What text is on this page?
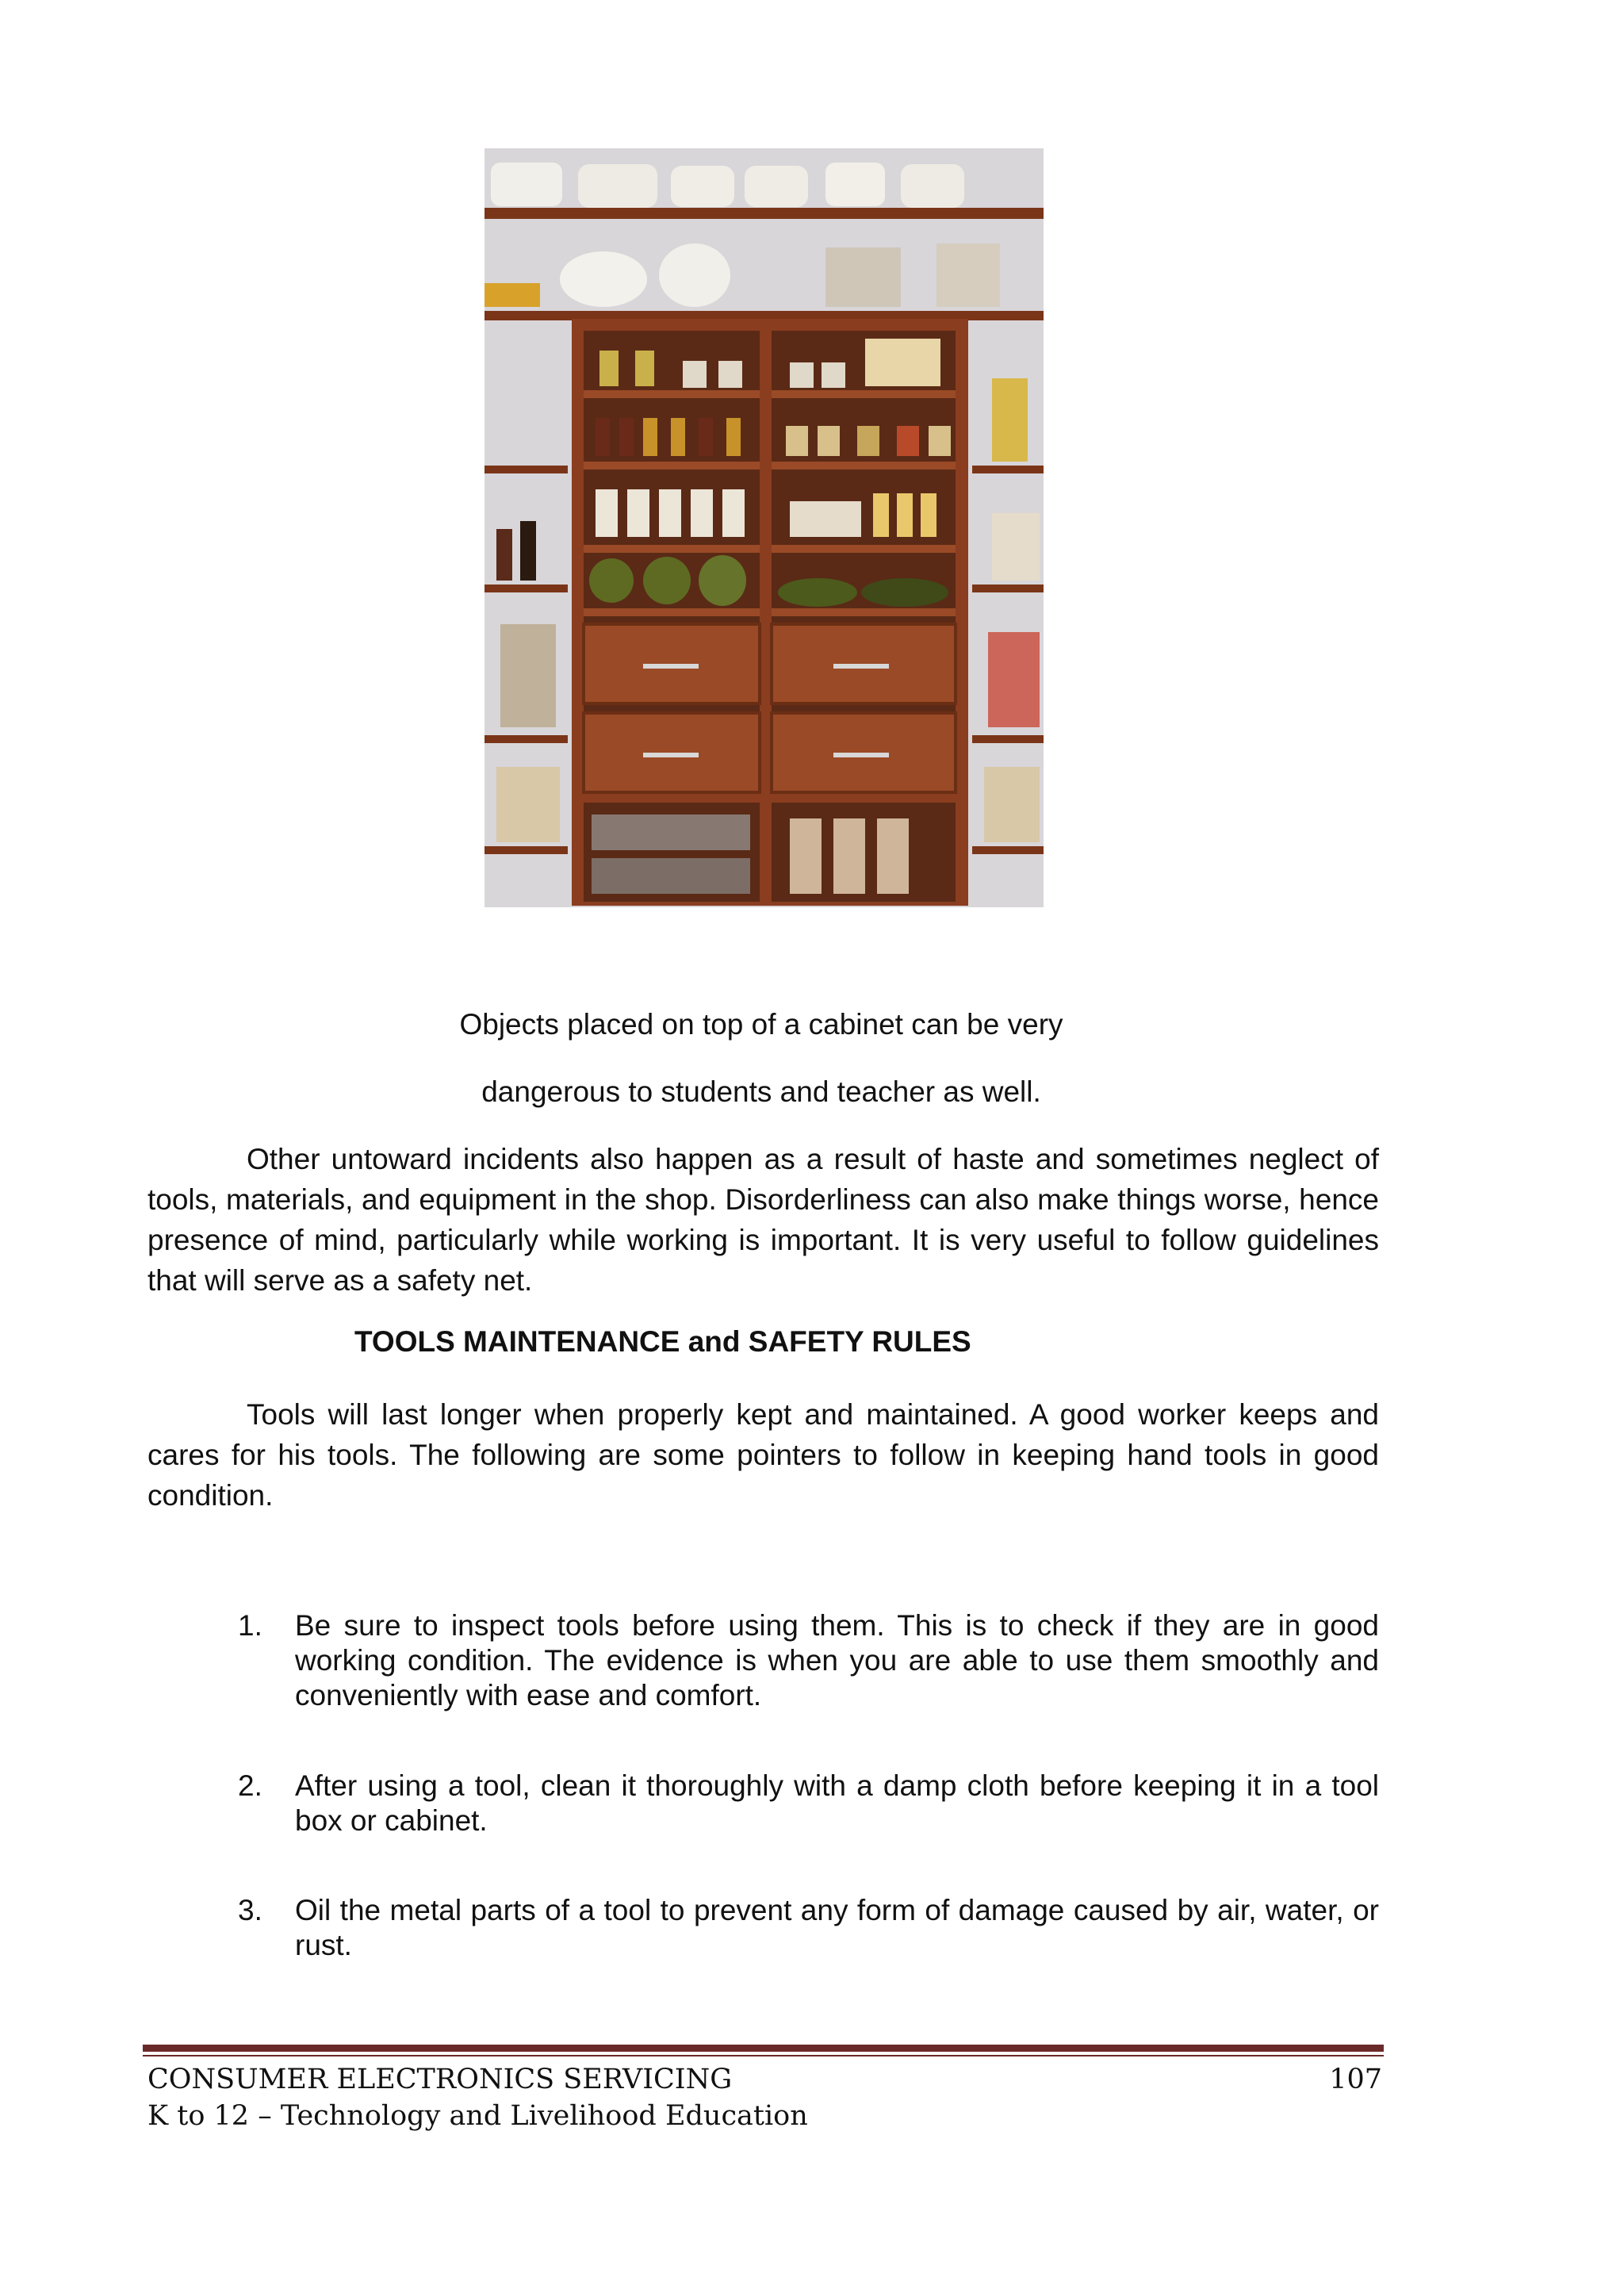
Objects placed on top of a cabinet can be very
dangerous to students and teacher as well.

Other untoward incidents also happen as a result of haste and sometimes neglect of tools, materials, and equipment in the shop. Disorderliness can also make things worse, hence presence of mind, particularly while working is important. It is very useful to follow guidelines that will serve as a safety net.

TOOLS MAINTENANCE and SAFETY RULES

Tools will last longer when properly kept and maintained. A good worker keeps and cares for his tools. The following are some pointers to follow in keeping hand tools in good condition.

1.	Be sure to inspect tools before using them. This is to check if they are in good working condition. The evidence is when you are able to use them smoothly and conveniently with ease and comfort.
2.	After using a tool, clean it thoroughly with a damp cloth before keeping it in a tool box or cabinet.
3.	Oil the metal parts of a tool to prevent any form of damage caused by air, water, or rust.
CONSUMER ELECTRONICS SERVICING
K to 12 – Technology and Livelihood Education
107
